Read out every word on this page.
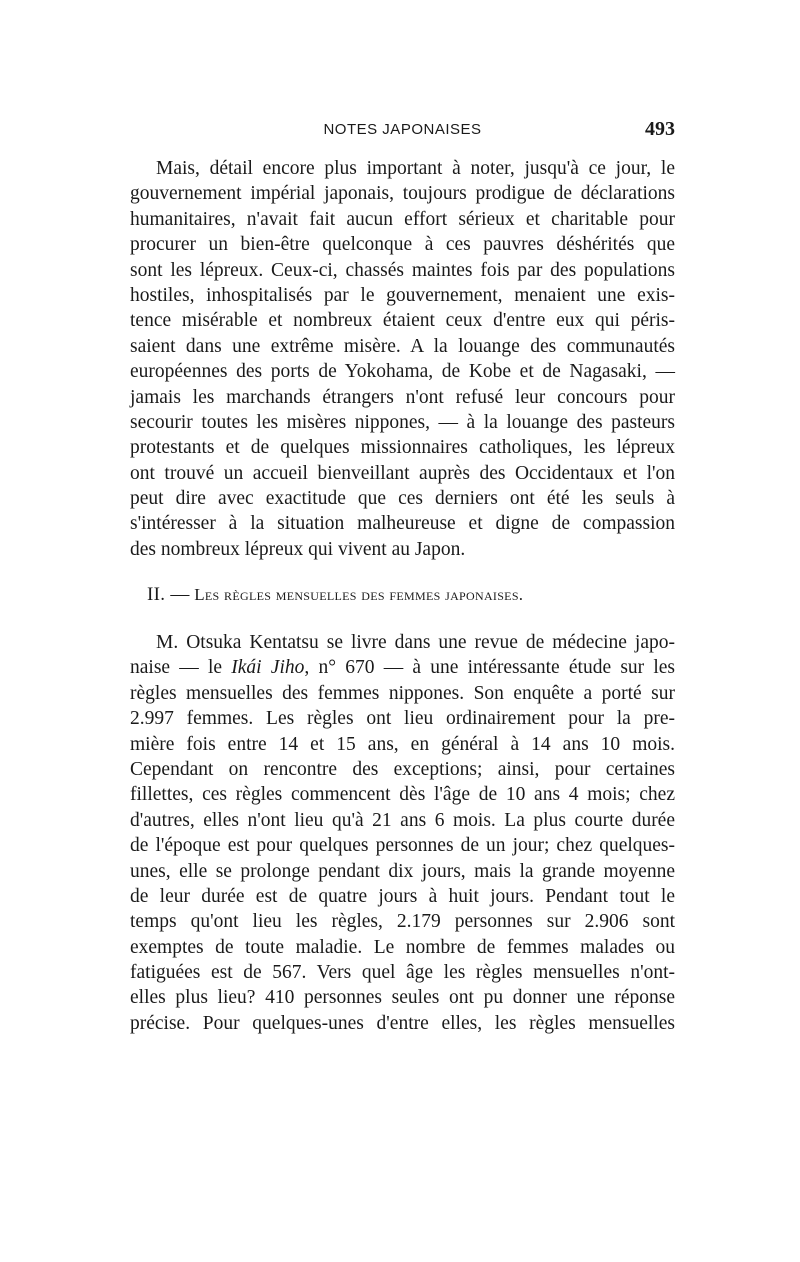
NOTES JAPONAISES	493
Mais, détail encore plus important à noter, jusqu'à ce jour, le
gouvernement impérial japonais, toujours prodigue de déclarations
humanitaires, n'avait fait aucun effort sérieux et charitable pour
procurer un bien-être quelconque à ces pauvres déshérités que
sont les lépreux. Ceux-ci, chassés maintes fois par des populations
hostiles, inhospitalisés par le gouvernement, menaient une exis-
tence misérable et nombreux étaient ceux d'entre eux qui péris-
saient dans une extrême misère. A la louange des communautés
européennes des ports de Yokohama, de Kobe et de Nagasaki, —
jamais les marchands étrangers n'ont refusé leur concours pour
secourir toutes les misères nippones, — à la louange des pasteurs
protestants et de quelques missionnaires catholiques, les lépreux
ont trouvé un accueil bienveillant auprès des Occidentaux et l'on
peut dire avec exactitude que ces derniers ont été les seuls à
s'intéresser à la situation malheureuse et digne de compassion
des nombreux lépreux qui vivent au Japon.
II. — Les règles mensuelles des femmes japonaises.
M. Otsuka Kentatsu se livre dans une revue de médecine japo-
naise — le Ikái Jiho, n° 670 — à une intéressante étude sur les
règles mensuelles des femmes nippones. Son enquête a porté sur
2.997 femmes. Les règles ont lieu ordinairement pour la pre-
mière fois entre 14 et 15 ans, en général à 14 ans 10 mois.
Cependant on rencontre des exceptions; ainsi, pour certaines
fillettes, ces règles commencent dès l'âge de 10 ans 4 mois; chez
d'autres, elles n'ont lieu qu'à 21 ans 6 mois. La plus courte durée
de l'époque est pour quelques personnes de un jour; chez quelques-
unes, elle se prolonge pendant dix jours, mais la grande moyenne
de leur durée est de quatre jours à huit jours. Pendant tout le
temps qu'ont lieu les règles, 2.179 personnes sur 2.906 sont
exemptes de toute maladie. Le nombre de femmes malades ou
fatiguées est de 567. Vers quel âge les règles mensuelles n'ont-
elles plus lieu? 410 personnes seules ont pu donner une réponse
précise. Pour quelques-unes d'entre elles, les règles mensuelles
